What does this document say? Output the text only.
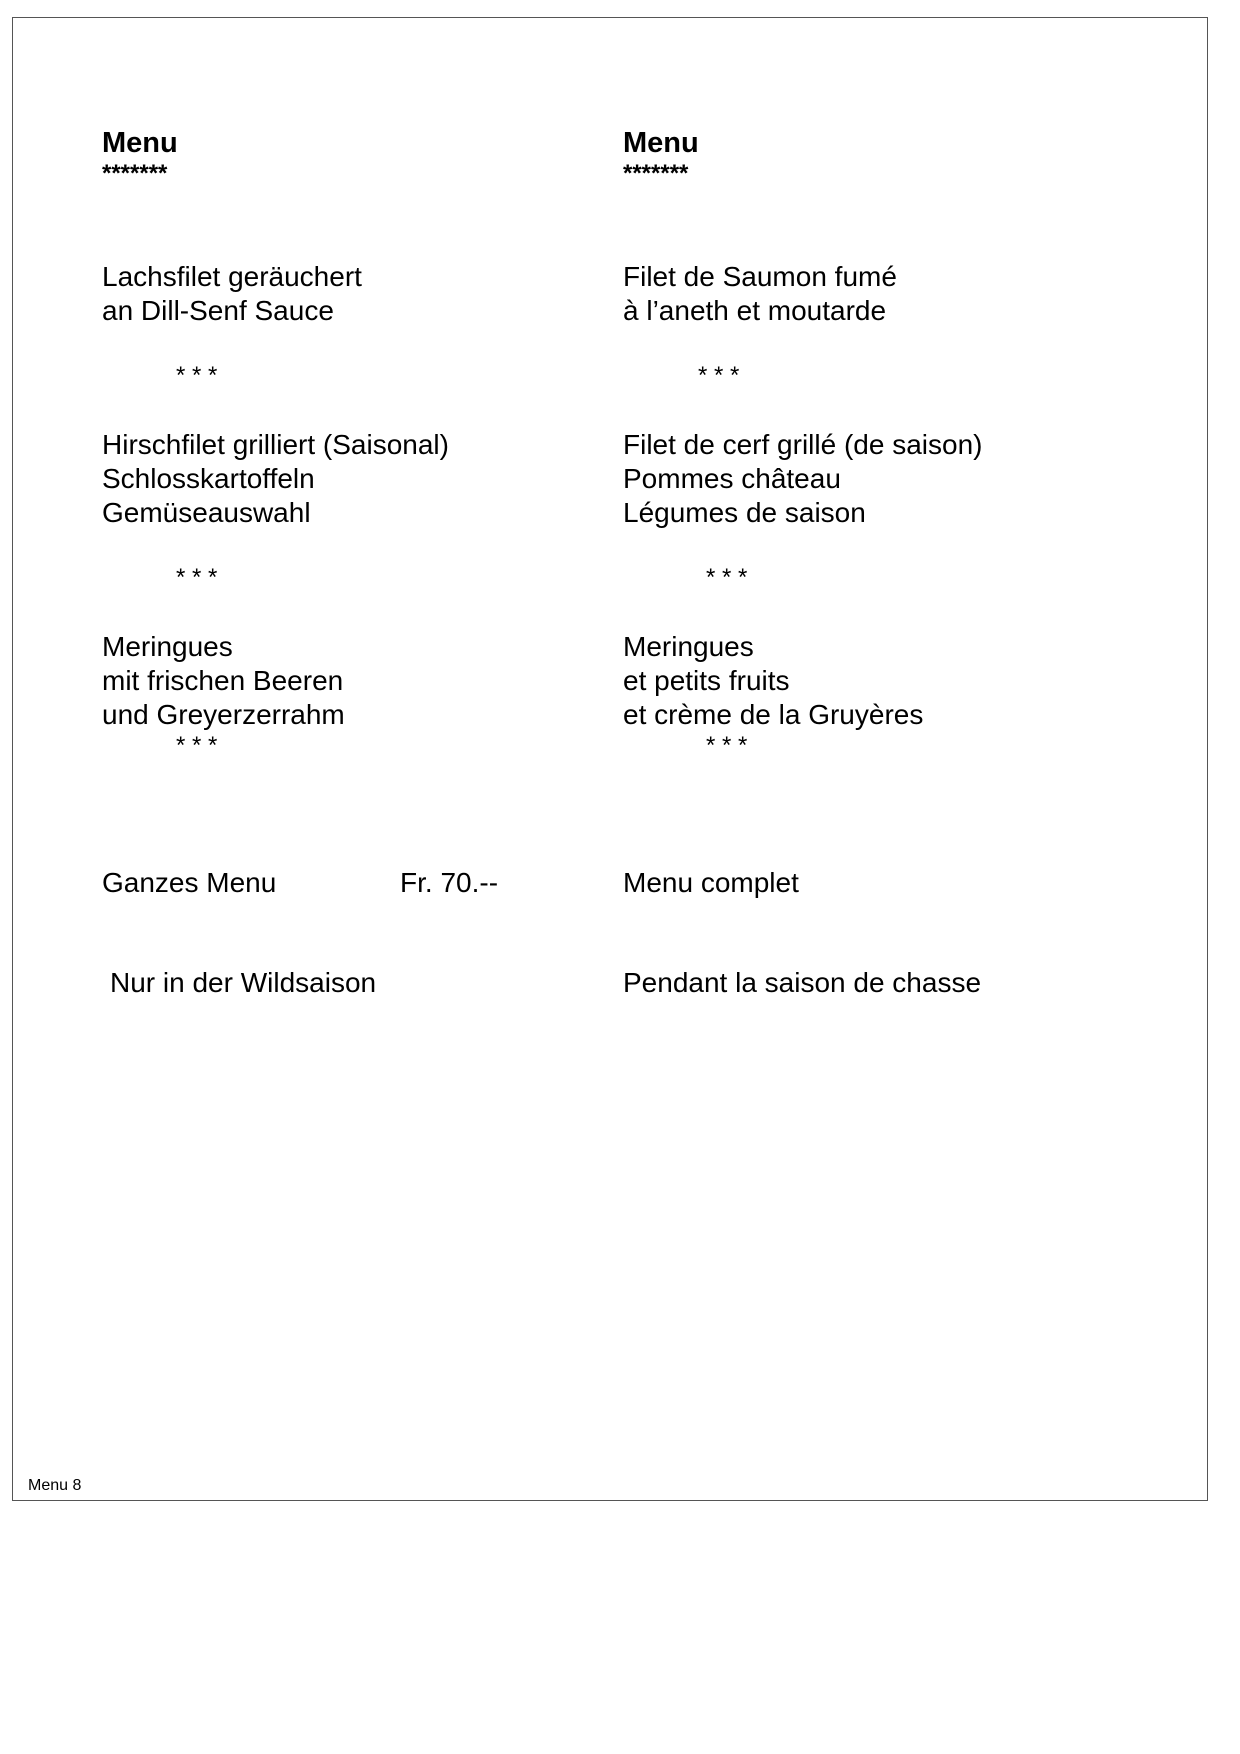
Menu
*******
Lachsfilet geräuchert
an Dill-Senf Sauce
* * *
Hirschfilet grilliert (Saisonal)
Schlosskartoffeln
Gemüseauswahl
* * *
Meringues
mit frischen Beeren
und Greyerzerrahm
* * *
Ganzes Menu	Fr. 70.--
Nur in der Wildsaison
Menu
*******
Filet de Saumon fumé
à l’aneth et moutarde
* * *
Filet de cerf grillé (de saison)
Pommes château
Légumes de saison
* * *
Meringues
et petits fruits
et crème de la Gruyères
* * *
Menu complet
Pendant la saison de chasse
Menu 8
